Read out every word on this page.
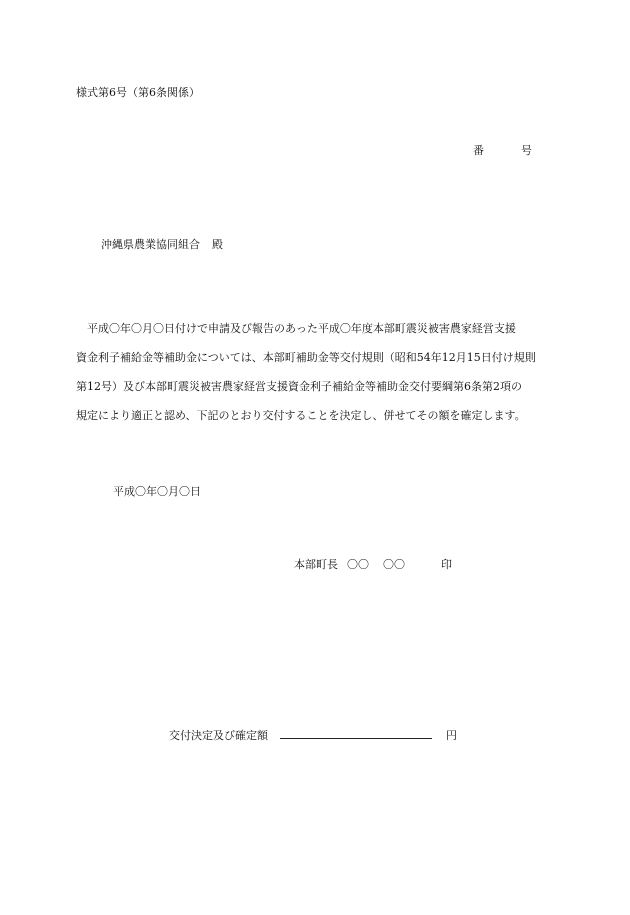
様式第6号（第6条関係）
番	号
沖縄県農業協同組合 殿
平成〇年〇月〇日付けで申請及び報告のあった平成〇年度本部町震災被害農家経営支援
資金利子補給金等補助金については、本部町補助金等交付規則（昭和54年12月15日付け規則
第12号）及び本部町震災被害農家経営支援資金利子補給金等補助金交付要綱第6条第2項の
規定により適正と認め、下記のとおり交付することを決定し、併せてその額を確定します。
平成〇年〇月〇日
本部町長 〇〇 〇〇	印
交付決定及び確定額	円
